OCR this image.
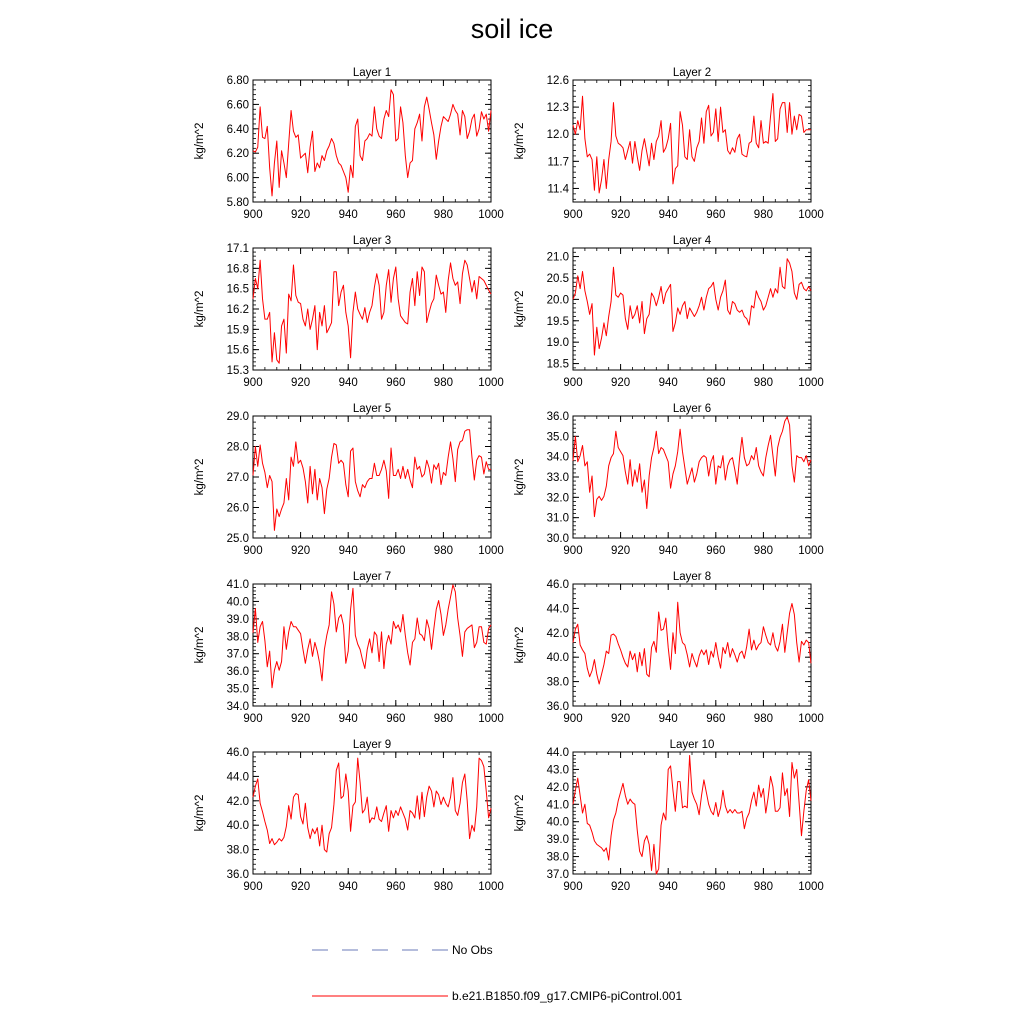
soil ice
Layer 1
900 920 940 960 980 1000
5.80
6.00
6.20
6.40
6.60
6.80
kg/m^2
Layer 2
900 920 940 960 980 1000
11.4
11.7
12.0
12.3
12.6
kg/m^2
Layer 3
900 920 940 960 980 1000
15.3
15.6
15.9
16.2
16.5
16.8
17.1
kg/m^2
Layer 4
900 920 940 960 980 1000
18.5
19.0
19.5
20.0
20.5
21.0
kg/m^2
Layer 5
900 920 940 960 980 1000
25.0
26.0
27.0
28.0
29.0
kg/m^2
Layer 6
900 920 940 960 980 1000
30.0
31.0
32.0
33.0
34.0
35.0
36.0
kg/m^2
Layer 7
900 920 940 960 980 1000
34.0
35.0
36.0
37.0
38.0
39.0
40.0
41.0
kg/m^2
Layer 8
900 920 940 960 980 1000
36.0
38.0
40.0
42.0
44.0
46.0
kg/m^2
Layer 9
900 920 940 960 980 1000
36.0
38.0
40.0
42.0
44.0
46.0
kg/m^2
Layer 10
900 920 940 960 980 1000
37.0
38.0
39.0
40.0
41.0
42.0
43.0
44.0
kg/m^2
No Obs
b.e21.B1850.f09_g17.CMIP6-piControl.001
